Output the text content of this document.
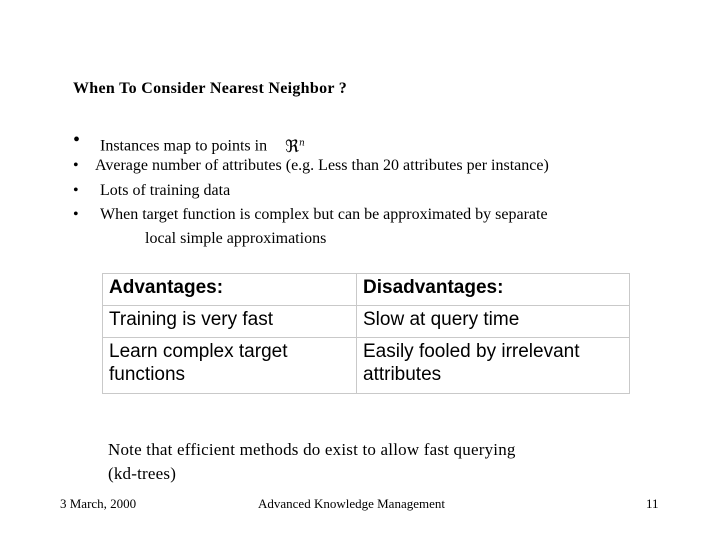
When To Consider Nearest Neighbor ?
•	Instances map to points in ℜ$^n$
•	Average number of attributes (e.g. Less than 20 attributes per instance)
•	Lots of training data
•	When target function is complex but can be approximated by separate
local simple approximations
Advantages:	Disadvantages:
Training is very fast	Slow at query time
Learn complex target functions	Easily fooled by irrelevant attributes
Note that efficient methods do exist to allow fast querying
(kd-trees)
3 March, 2000	Advanced Knowledge Management	11
